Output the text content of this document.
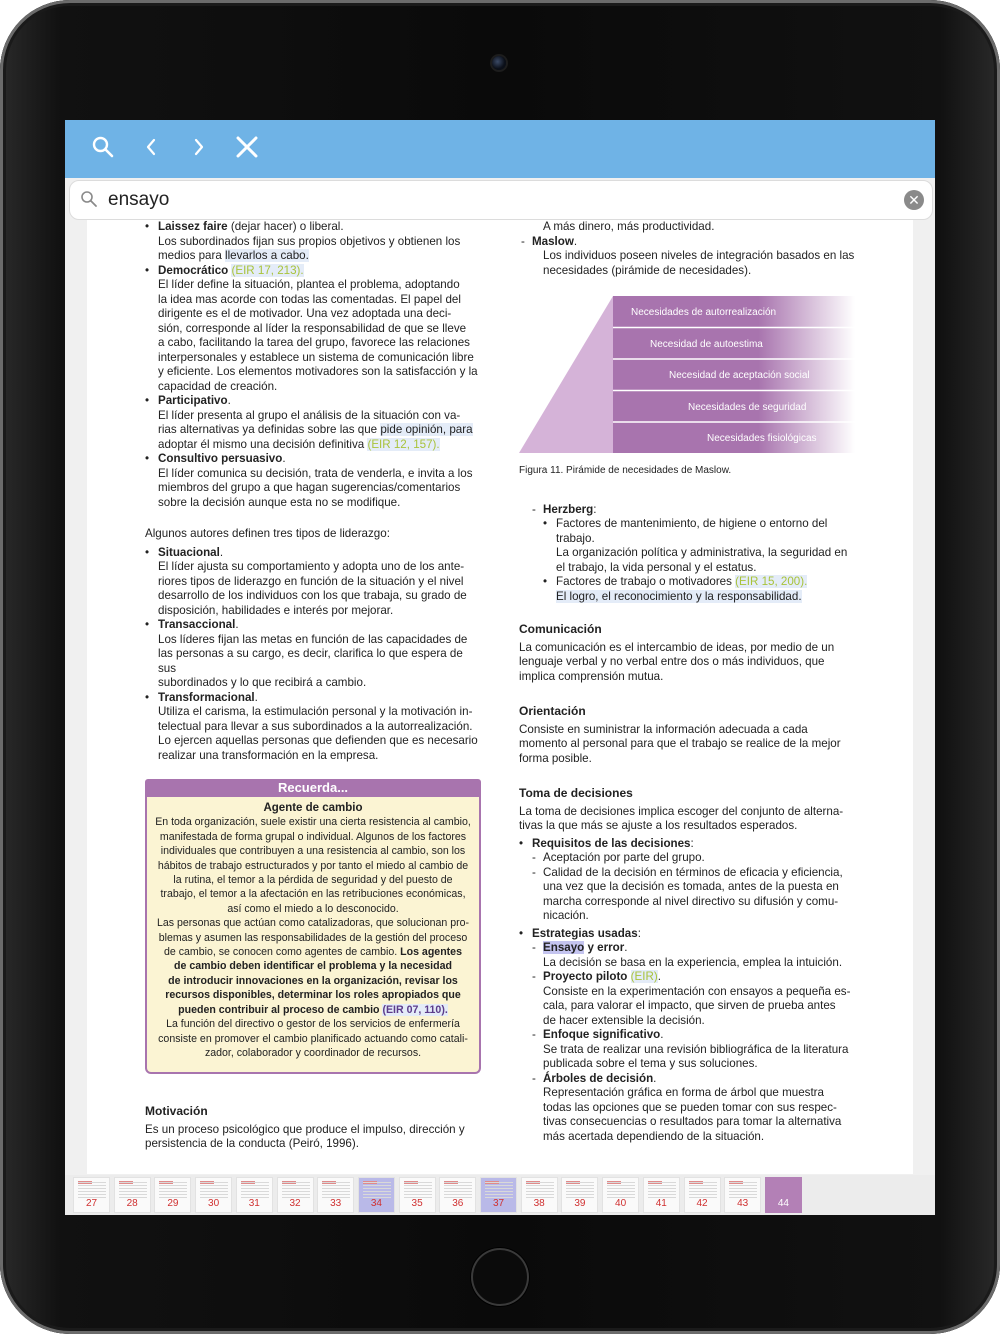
ensayo
✕
• Laissez faire (dejar hacer) o liberal.
Los subordinados fijan sus propios objetivos y obtienen los
medios para llevarlos a cabo.
• Democrático (EIR 17, 213).
El líder define la situación, plantea el problema, adoptando
la idea mas acorde con todas las comentadas. El papel del
dirigente es el de motivador. Una vez adoptada una deci-
sión, corresponde al líder la responsabilidad de que se lleve
a cabo, facilitando la tarea del grupo, favorece las relaciones
interpersonales y establece un sistema de comunicación libre
y eficiente. Los elementos motivadores son la satisfacción y la
capacidad de creación.
• Participativo.
El líder presenta al grupo el análisis de la situación con va-
rias alternativas ya definidas sobre las que pide opinión, para
adoptar él mismo una decisión definitiva (EIR 12, 157).
• Consultivo persuasivo.
El líder comunica su decisión, trata de venderla, e invita a los
miembros del grupo a que hagan sugerencias/comentarios
sobre la decisión aunque esta no se modifique.
Algunos autores definen tres tipos de liderazgo:
• Situacional.
El líder ajusta su comportamiento y adopta uno de los ante-
riores tipos de liderazgo en función de la situación y el nivel
desarrollo de los individuos con los que trabaja, su grado de
disposición, habilidades e interés por mejorar.
• Transaccional.
Los líderes fijan las metas en función de las capacidades de
las personas a su cargo, es decir, clarifica lo que espera de sus
subordinados y lo que recibirá a cambio.
• Transformacional.
Utiliza el carisma, la estimulación personal y la motivación in-
telectual para llevar a sus subordinados a la autorrealización.
Lo ejercen aquellas personas que defienden que es necesario
realizar una transformación en la empresa.
Recuerda...
Agente de cambio
En toda organización, suele existir una cierta resistencia al cambio,
manifestada de forma grupal o individual. Algunos de los factores
individuales que contribuyen a una resistencia al cambio, son los
hábitos de trabajo estructurados y por tanto el miedo al cambio de
la rutina, el temor a la pérdida de seguridad y del puesto de
trabajo, el temor a la afectación en las retribuciones económicas,
así como el miedo a lo desconocido.
Las personas que actúan como catalizadoras, que solucionan pro-
blemas y asumen las responsabilidades de la gestión del proceso
de cambio, se conocen como agentes de cambio. Los agentes
de cambio deben identificar el problema y la necesidad
de introducir innovaciones en la organización, revisar los
recursos disponibles, determinar los roles apropiados que
pueden contribuir al proceso de cambio (EIR 07, 110).
La función del directivo o gestor de los servicios de enfermería
consiste en promover el cambio planificado actuando como catali-
zador, colaborador y coordinador de recursos.
Motivación
Es un proceso psicológico que produce el impulso, dirección y
persistencia de la conducta (Peiró, 1996).
A más dinero, más productividad.
- Maslow.
Los individuos poseen niveles de integración basados en las
necesidades (pirámide de necesidades).
Necesidades de autorrealización
Necesidad de autoestima
Necesidad de aceptación social
Necesidades de seguridad
Necesidades fisiológicas
Figura 11. Pirámide de necesidades de Maslow.
- Herzberg:
• Factores de mantenimiento, de higiene o entorno del
trabajo.
La organización política y administrativa, la seguridad en
el trabajo, la vida personal y el estatus.
• Factores de trabajo o motivadores (EIR 15, 200).
El logro, el reconocimiento y la responsabilidad.
Comunicación
La comunicación es el intercambio de ideas, por medio de un
lenguaje verbal y no verbal entre dos o más individuos, que
implica comprensión mutua.
Orientación
Consiste en suministrar la información adecuada a cada
momento al personal para que el trabajo se realice de la mejor
forma posible.
Toma de decisiones
La toma de decisiones implica escoger del conjunto de alterna-
tivas la que más se ajuste a los resultados esperados.
• Requisitos de las decisiones:
- Aceptación por parte del grupo.
- Calidad de la decisión en términos de eficacia y eficiencia,
una vez que la decisión es tomada, antes de la puesta en
marcha corresponde al nivel directivo su difusión y comu-
nicación.
• Estrategias usadas:
- Ensayo y error.
La decisión se basa en la experiencia, emplea la intuición.
- Proyecto piloto (EIR).
Consiste en la experimentación con ensayos a pequeña es-
cala, para valorar el impacto, que sirven de prueba antes
de hacer extensible la decisión.
- Enfoque significativo.
Se trata de realizar una revisión bibliográfica de la literatura
publicada sobre el tema y sus soluciones.
- Árboles de decisión.
Representación gráfica en forma de árbol que muestra
todas las opciones que se pueden tomar con sus respec-
tivas consecuencias o resultados para tomar la alternativa
más acertada dependiendo de la situación.
27	28	29	30	31	32	33	34	35	36	37	38	39	40	41	42	43	44
